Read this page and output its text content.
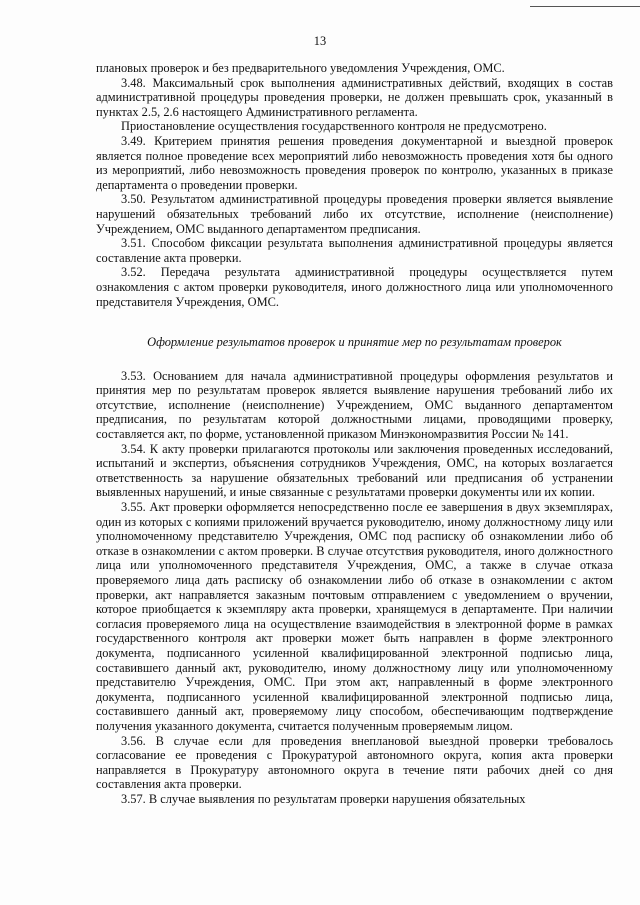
13

плановых проверок и без предварительного уведомления Учреждения, ОМС.

3.48. Максимальный срок выполнения административных действий, входящих в состав административной процедуры проведения проверки, не должен превышать срок, указанный в пунктах 2.5, 2.6 настоящего Административного регламента.

Приостановление осуществления государственного контроля не предусмотрено.

3.49. Критерием принятия решения проведения документарной и выездной проверок является полное проведение всех мероприятий либо невозможность проведения хотя бы одного из мероприятий, либо невозможность проведения проверок по контролю, указанных в приказе департамента о проведении проверки.

3.50. Результатом административной процедуры проведения проверки является выявление нарушений обязательных требований либо их отсутствие, исполнение (неисполнение) Учреждением, ОМС выданного департаментом предписания.

3.51. Способом фиксации результата выполнения административной процедуры является составление акта проверки.

3.52. Передача результата административной процедуры осуществляется путем ознакомления с актом проверки руководителя, иного должностного лица или уполномоченного представителя Учреждения, ОМС.

Оформление результатов проверок и принятие мер по результатам проверок

3.53. Основанием для начала административной процедуры оформления результатов и принятия мер по результатам проверок является выявление нарушения требований либо их отсутствие, исполнение (неисполнение) Учреждением, ОМС выданного департаментом предписания, по результатам которой должностными лицами, проводящими проверку, составляется акт, по форме, установленной приказом Минэкономразвития России № 141.

3.54. К акту проверки прилагаются протоколы или заключения проведенных исследований, испытаний и экспертиз, объяснения сотрудников Учреждения, ОМС, на которых возлагается ответственность за нарушение обязательных требований или предписания об устранении выявленных нарушений, и иные связанные с результатами проверки документы или их копии.

3.55. Акт проверки оформляется непосредственно после ее завершения в двух экземплярах, один из которых с копиями приложений вручается руководителю, иному должностному лицу или уполномоченному представителю Учреждения, ОМС под расписку об ознакомлении либо об отказе в ознакомлении с актом проверки. В случае отсутствия руководителя, иного должностного лица или уполномоченного представителя Учреждения, ОМС, а также в случае отказа проверяемого лица дать расписку об ознакомлении либо об отказе в ознакомлении с актом проверки, акт направляется заказным почтовым отправлением с уведомлением о вручении, которое приобщается к экземпляру акта проверки, хранящемуся в департаменте. При наличии согласия проверяемого лица на осуществление взаимодействия в электронной форме в рамках государственного контроля акт проверки может быть направлен в форме электронного документа, подписанного усиленной квалифицированной электронной подписью лица, составившего данный акт, руководителю, иному должностному лицу или уполномоченному представителю Учреждения, ОМС. При этом акт, направленный в форме электронного документа, подписанного усиленной квалифицированной электронной подписью лица, составившего данный акт, проверяемому лицу способом, обеспечивающим подтверждение получения указанного документа, считается полученным проверяемым лицом.

3.56. В случае если для проведения внеплановой выездной проверки требовалось согласование ее проведения с Прокуратурой автономного округа, копия акта проверки направляется в Прокуратуру автономного округа в течение пяти рабочих дней со дня составления акта проверки.

3.57. В случае выявления по результатам проверки нарушения обязательных
